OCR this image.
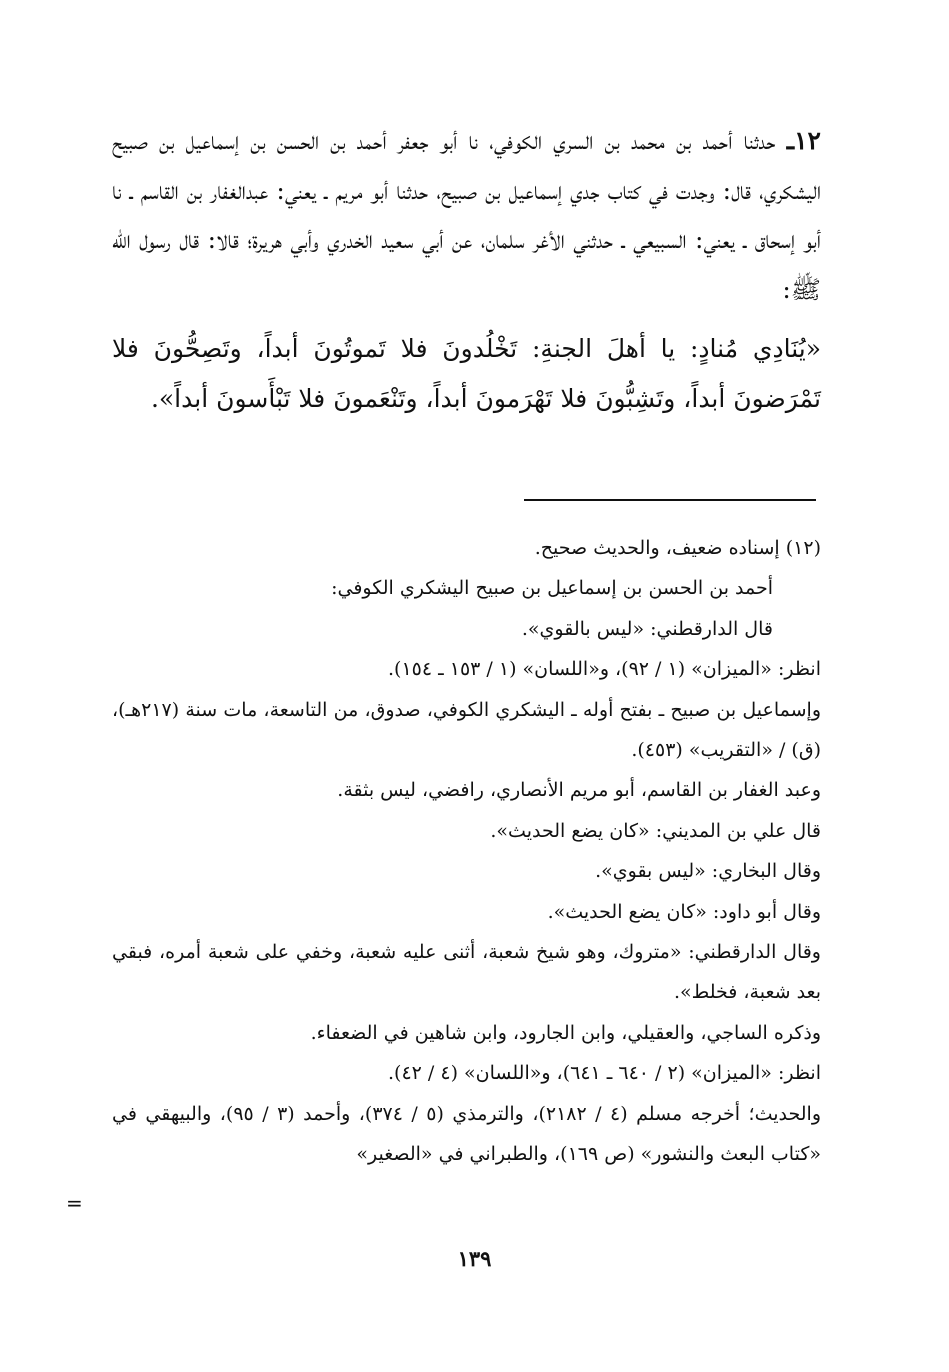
١٢ـ حدثنا أحمد بن محمد بن السري الكوفي، نا أبو جعفر أحمد بن الحسن بن إسماعيل بن صبيح اليشكري، قال: وجدت في كتاب جدي إسماعيل بن صبيح، حدثنا أبو مريم ـ يعني: عبدالغفار بن القاسم ـ نا أبو إسحاق ـ يعني: السبيعي ـ حدثني الأغر سلمان، عن أبي سعيد الخدري وأبي هريرة؛ قالا: قال رسول الله ﷺ:

«يُنَادِي مُنادٍ: يا أهلَ الجنةِ: تَخْلُدونَ فلا تَموتُونَ أبداً، وتَصِحُّونَ فلا تَمْرَضونَ أبداً، وتَشِبُّونَ فلا تَهْرَمونَ أبداً، وتَنْعَمونَ فلا تَبْأَسونَ أبداً».

(١٢) إسناده ضعيف، والحديث صحيح.

أحمد بن الحسن بن إسماعيل بن صبيح اليشكري الكوفي:

قال الدارقطني: «ليس بالقوي».

انظر: «الميزان» (١ / ٩٢)، و«اللسان» (١ / ١٥٣ ـ ١٥٤).

وإسماعيل بن صبيح ـ بفتح أوله ـ اليشكري الكوفي، صدوق، من التاسعة، مات سنة (٢١٧هـ)، (ق) / «التقريب» (٤٥٣).

وعبد الغفار بن القاسم، أبو مريم الأنصاري، رافضي، ليس بثقة.

قال علي بن المديني: «كان يضع الحديث».

وقال البخاري: «ليس بقوي».

وقال أبو داود: «كان يضع الحديث».

وقال الدارقطني: «متروك، وهو شيخ شعبة، أثنى عليه شعبة، وخفي على شعبة أمره، فبقي بعد شعبة، فخلط».

وذكره الساجي، والعقيلي، وابن الجارود، وابن شاهين في الضعفاء.

انظر: «الميزان» (٢ / ٦٤٠ ـ ٦٤١)، و«اللسان» (٤ / ٤٢).

والحديث؛ أخرجه مسلم (٤ / ٢١٨٢)، والترمذي (٥ / ٣٧٤)، وأحمد (٣ / ٩٥)، والبيهقي في «كتاب البعث والنشور» (ص ١٦٩)، والطبراني في «الصغير»

=
١٣٩
